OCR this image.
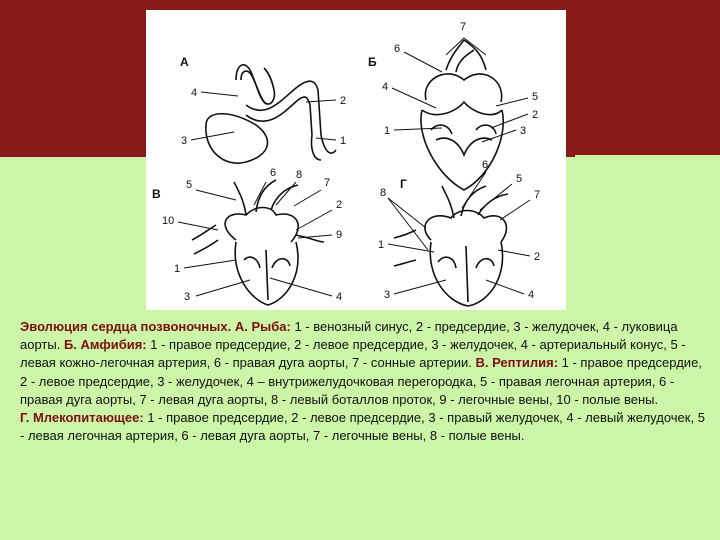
А	Б
В
Г
4
2
3	1
7
6
4
1
5
2
3
5
6 8
7
2
10
9
1
3	4
8
6
5
7
1
2
3	4

Эволюция сердца позвоночных. А. Рыба: 1 - венозный синус, 2 - предсердие, 3 - желудочек, 4 - луковица аорты. Б. Амфибия: 1 - правое предсердие, 2 - левое предсердие, 3 - желудочек, 4 - артериальный конус, 5 - левая кожно-легочная артерия, 6 - правая дуга аорты, 7 - сонные артерии. В. Рептилия: 1 - правое предсердие, 2 - левое предсердие, 3 - желудочек, 4 – внутрижелудочковая перегородка, 5 - правая легочная артерия, 6 - правая дуга аорты, 7 - левая дуга аорты, 8 - левый боталлов проток, 9 - легочные вены, 10 - полые вены.

Г. Млекопитающее: 1 - правое предсердие, 2 - левое предсердие, 3 - правый желудочек, 4 - левый желудочек, 5 - левая легочная артерия, 6 - левая дуга аорты, 7 - легочные вены, 8 - полые вены.
